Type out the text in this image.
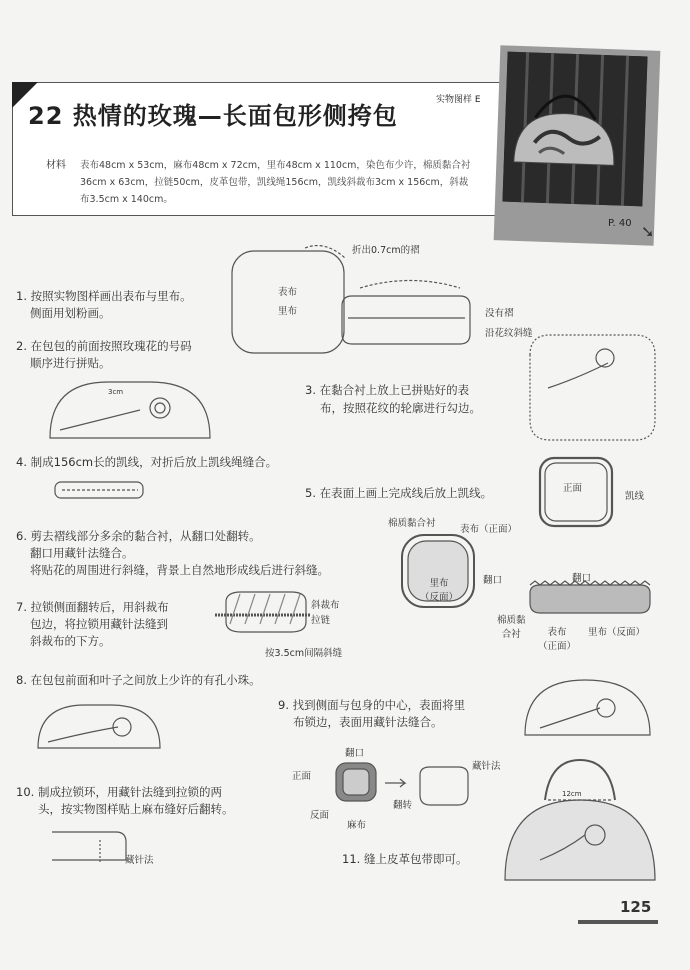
22 热情的玫瑰—长面包形侧挎包
实物图样 E
材料 表布48cm x 53cm，麻布48cm x 72cm，里布48cm x 110cm，染色布少许，棉质黏合衬
36cm x 63cm，拉链50cm，皮革包带，凯线绳156cm，凯线斜裁布3cm x 156cm，斜裁
布3.5cm x 140cm。
P. 40 ➘
1. 按照实物图样画出表布与里布。
侧面用划粉画。
2. 在包包的前面按照玫瑰花的号码
顺序进行拼贴。
3. 在黏合衬上放上已拼贴好的表
布，按照花纹的轮廓进行勾边。
4. 制成156cm长的凯线，对折后放上凯线绳缝合。
5. 在表面上画上完成线后放上凯线。
6. 剪去褶线部分多余的黏合衬，从翻口处翻转。
翻口用藏针法缝合。
将贴花的周围进行斜缝，背景上自然地形成线后进行斜缝。
7. 拉锁侧面翻转后，用斜裁布
包边，将拉锁用藏针法缝到
斜裁布的下方。
8. 在包包前面和叶子之间放上少许的有孔小珠。
9. 找到侧面与包身的中心，表面将里
布锁边，表面用藏针法缝合。
10. 制成拉锁环，用藏针法缝到拉锁的两
头，按实物图样贴上麻布缝好后翻转。
11. 缝上皮革包带即可。
折出0.7cm的褶
表布
里布	没有褶
沿花纹斜缝
3cm
正面
凯线
棉质黏合衬
表布（正面）
里布
（反面）
翻口	翻口
棉质黏
合衬	表布
（正面）
里布（反面）
斜裁布
拉链
按3.5cm间隔斜缝
翻口
正面
藏针法
反面
麻布
翻转
藏针法
12cm
125
